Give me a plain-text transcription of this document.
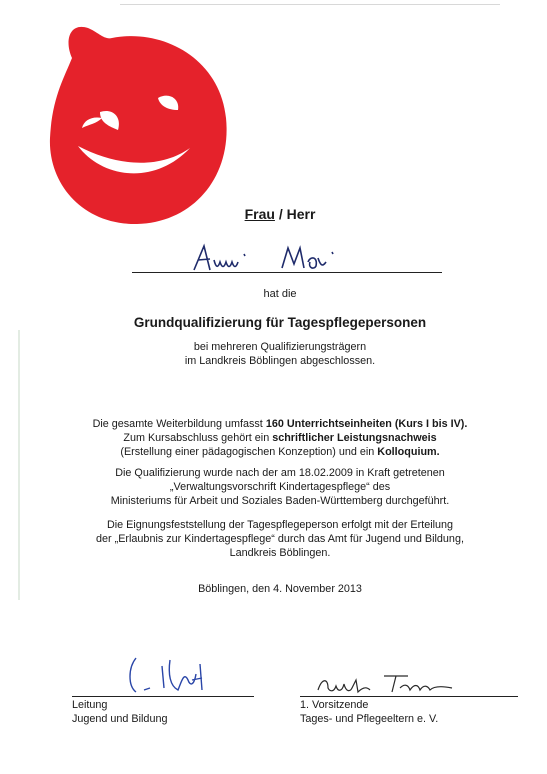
Frau / Herr
hat die
Grundqualifizierung für Tagespflegepersonen
bei mehreren Qualifizierungsträgern
im Landkreis Böblingen abgeschlossen.
Die gesamte Weiterbildung umfasst 160 Unterrichtseinheiten (Kurs I bis IV).
Zum Kursabschluss gehört ein schriftlicher Leistungsnachweis
(Erstellung einer pädagogischen Konzeption) und ein Kolloquium.
Die Qualifizierung wurde nach der am 18.02.2009 in Kraft getretenen
„Verwaltungsvorschrift Kindertagespflege“ des
Ministeriums für Arbeit und Soziales Baden-Württemberg durchgeführt.
Die Eignungsfeststellung der Tagespflegeperson erfolgt mit der Erteilung
der „Erlaubnis zur Kindertagespflege“ durch das Amt für Jugend und Bildung,
Landkreis Böblingen.
Böblingen, den 4. November 2013
Leitung
Jugend und Bildung
1. Vorsitzende
Tages- und Pflegeeltern e. V.
